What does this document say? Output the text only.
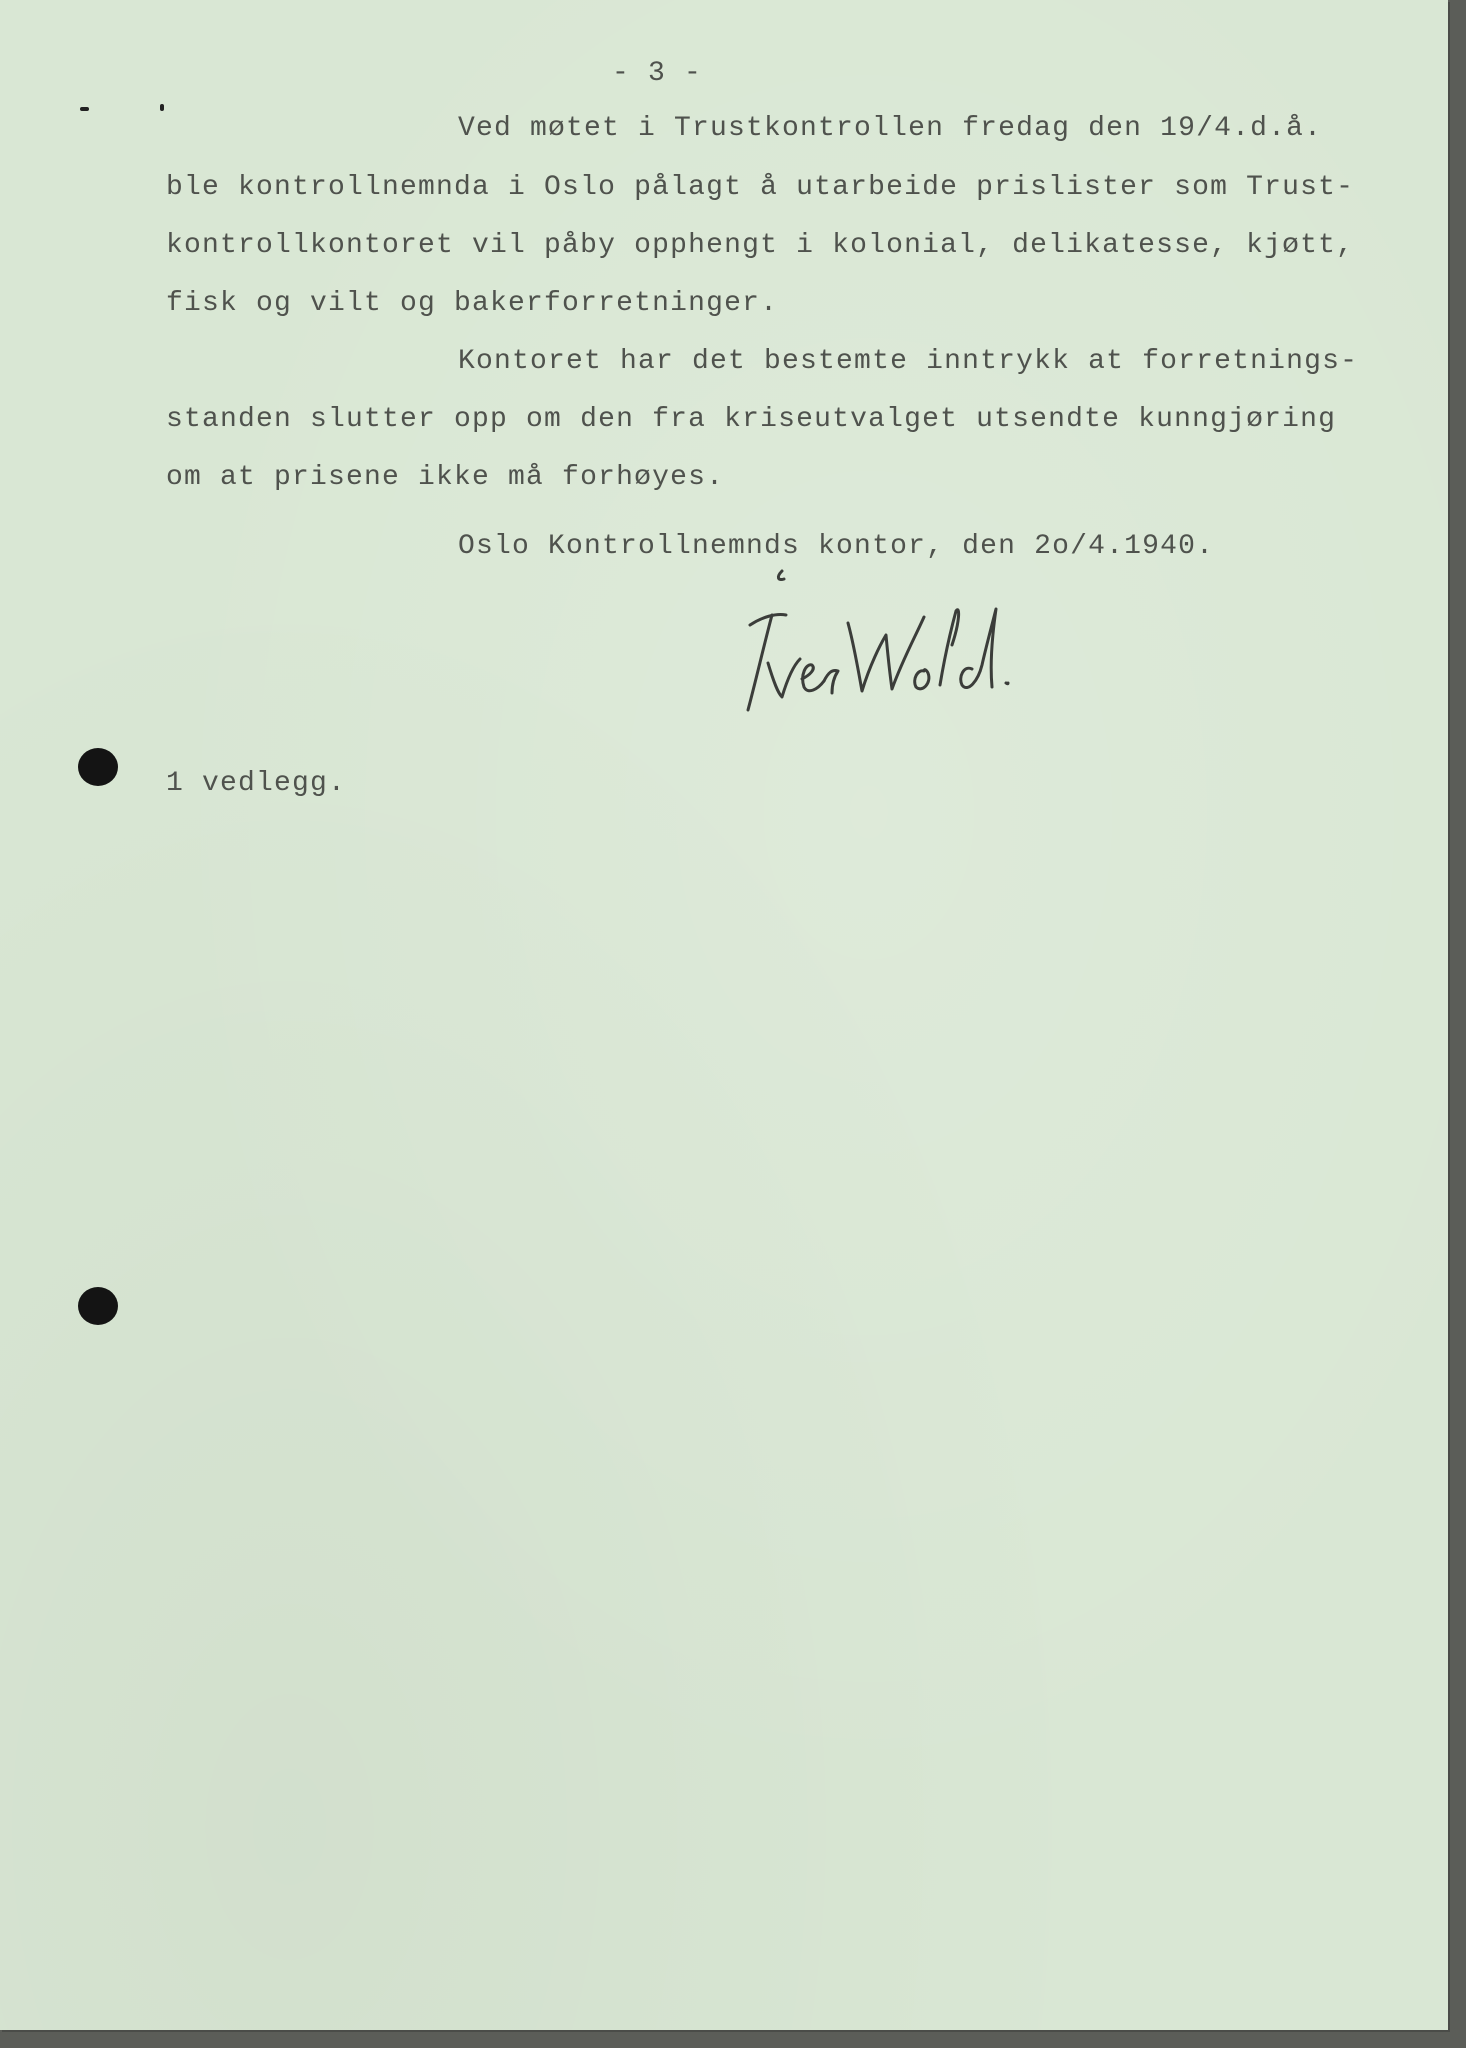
- 3 -
Ved møtet i Trustkontrollen fredag den 19/4.d.å.
ble kontrollnemnda i Oslo pålagt å utarbeide prislister som Trust-
kontrollkontoret vil påby opphengt i kolonial, delikatesse, kjøtt,
fisk og vilt og bakerforretninger.
Kontoret har det bestemte inntrykk at forretnings-
standen slutter opp om den fra kriseutvalget utsendte kunngjøring
om at prisene ikke må forhøyes.
Oslo Kontrollnemnds kontor, den 2o/4.1940.
1 vedlegg.
